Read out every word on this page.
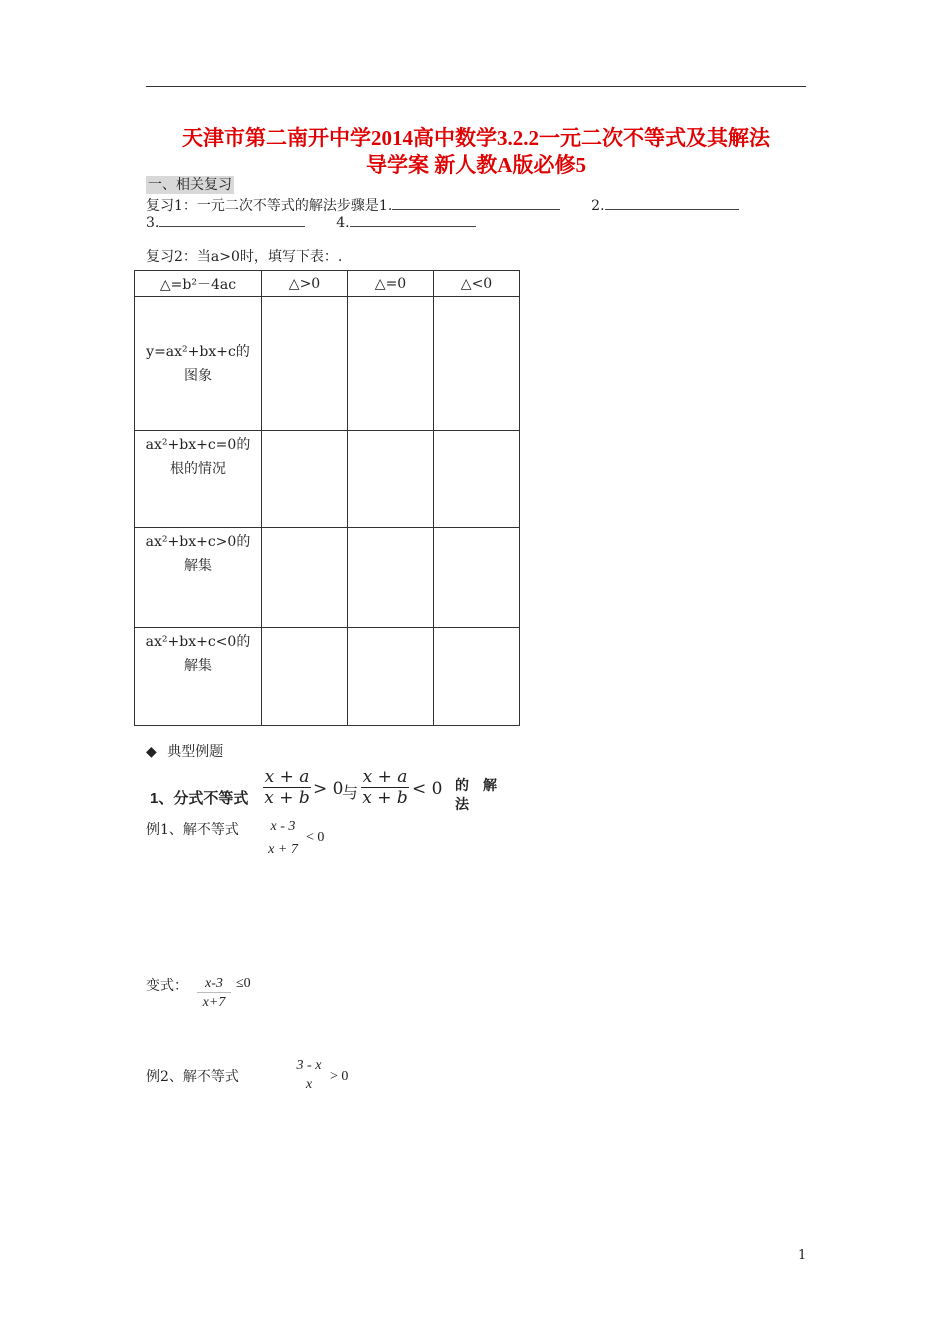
天津市第二南开中学2014高中数学3.2.2一元二次不等式及其解法
导学案 新人教A版必修5
一、相关复习
复习1：一元二次不等式的解法步骤是1.	2.
3.	4.
复习2：当a>0时，填写下表：.
△=b²－4ac	△>0	△=0	△<0

y=ax²+bx+c的
图象			

ax²+bx+c=0的
根的情况			

ax²+bx+c>0的
解集			

ax²+bx+c<0的
解集			

◆ 典型例题
1、分式不等式
x + a
x + b > 0
与
x + a
x + b < 0 的　解
法
例1、解不等式	x - 3
x + 7
< 0
变式：	x-3
x+7
≤0
例2、解不等式
3 - x
x
> 0
1
